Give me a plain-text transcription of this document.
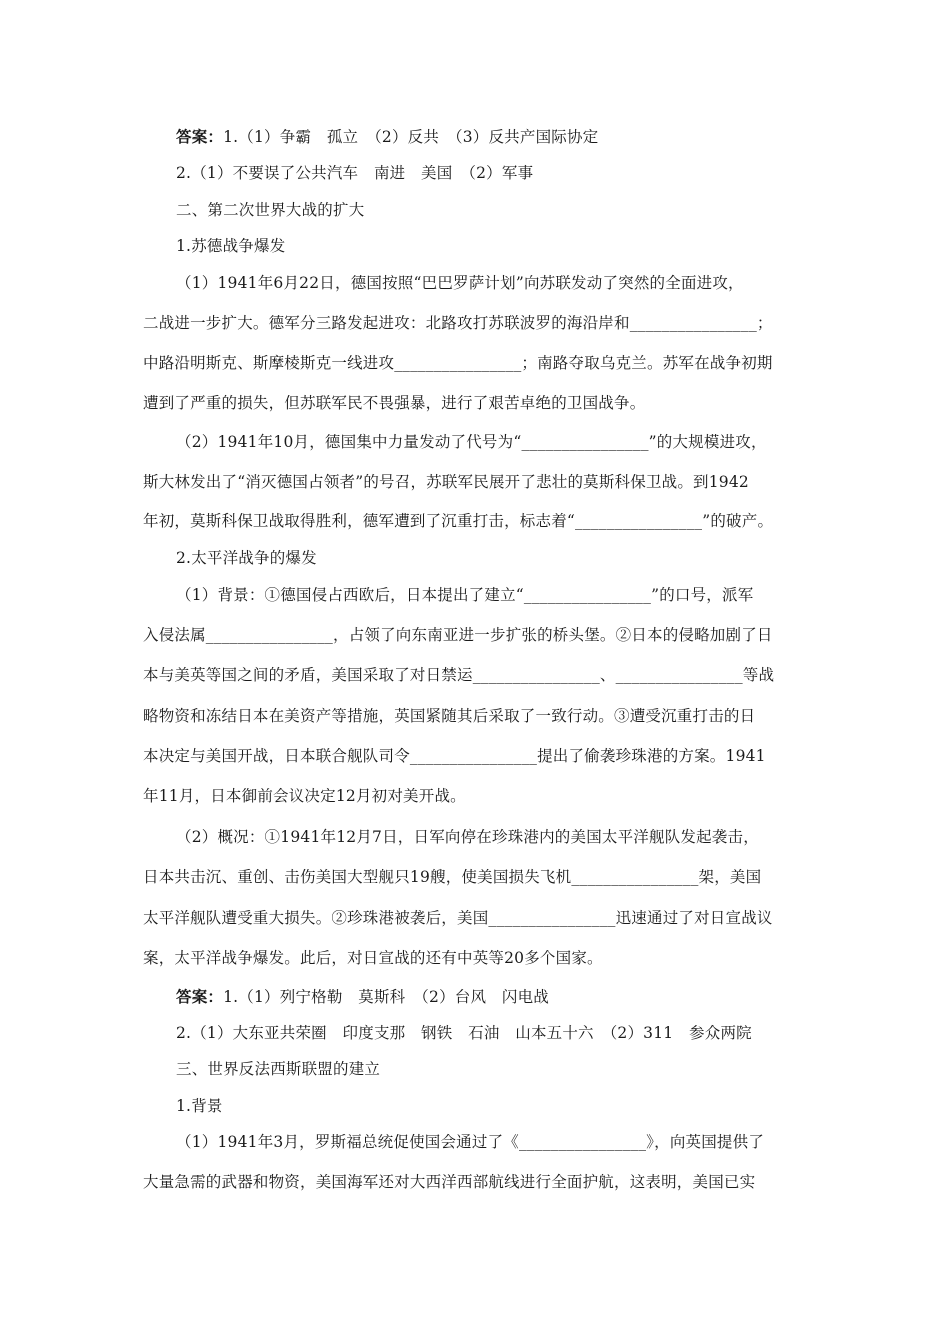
答案：1.（1）争霸　孤立　（2）反共　（3）反共产国际协定

2.（1）不要误了公共汽车　南进　美国　（2）军事

二、第二次世界大战的扩大

1.苏德战争爆发

（1）1941年6月22日，德国按照“巴巴罗萨计划”向苏联发动了突然的全面进攻，

二战进一步扩大。德军分三路发起进攻：北路攻打苏联波罗的海沿岸和________________；

中路沿明斯克、斯摩棱斯克一线进攻________________；南路夺取乌克兰。苏军在战争初期

遭到了严重的损失，但苏联军民不畏强暴，进行了艰苦卓绝的卫国战争。

（2）1941年10月，德国集中力量发动了代号为“________________”的大规模进攻，

斯大林发出了“消灭德国占领者”的号召，苏联军民展开了悲壮的莫斯科保卫战。到1942

年初，莫斯科保卫战取得胜利，德军遭到了沉重打击，标志着“________________”的破产。

2.太平洋战争的爆发

（1）背景：①德国侵占西欧后，日本提出了建立“________________”的口号，派军

入侵法属________________，占领了向东南亚进一步扩张的桥头堡。②日本的侵略加剧了日

本与美英等国之间的矛盾，美国采取了对日禁运________________、________________等战

略物资和冻结日本在美资产等措施，英国紧随其后采取了一致行动。③遭受沉重打击的日

本决定与美国开战，日本联合舰队司令________________提出了偷袭珍珠港的方案。1941

年11月，日本御前会议决定12月初对美开战。

（2）概况：①1941年12月7日，日军向停在珍珠港内的美国太平洋舰队发起袭击，

日本共击沉、重创、击伤美国大型舰只19艘，使美国损失飞机________________架，美国

太平洋舰队遭受重大损失。②珍珠港被袭后，美国________________迅速通过了对日宣战议

案，太平洋战争爆发。此后，对日宣战的还有中英等20多个国家。

答案：1.（1）列宁格勒　莫斯科　（2）台风　闪电战

2.（1）大东亚共荣圈　印度支那　钢铁　石油　山本五十六　（2）311　参众两院

三、世界反法西斯联盟的建立

1.背景

（1）1941年3月，罗斯福总统促使国会通过了《________________》，向英国提供了

大量急需的武器和物资，美国海军还对大西洋西部航线进行全面护航，这表明，美国已实
